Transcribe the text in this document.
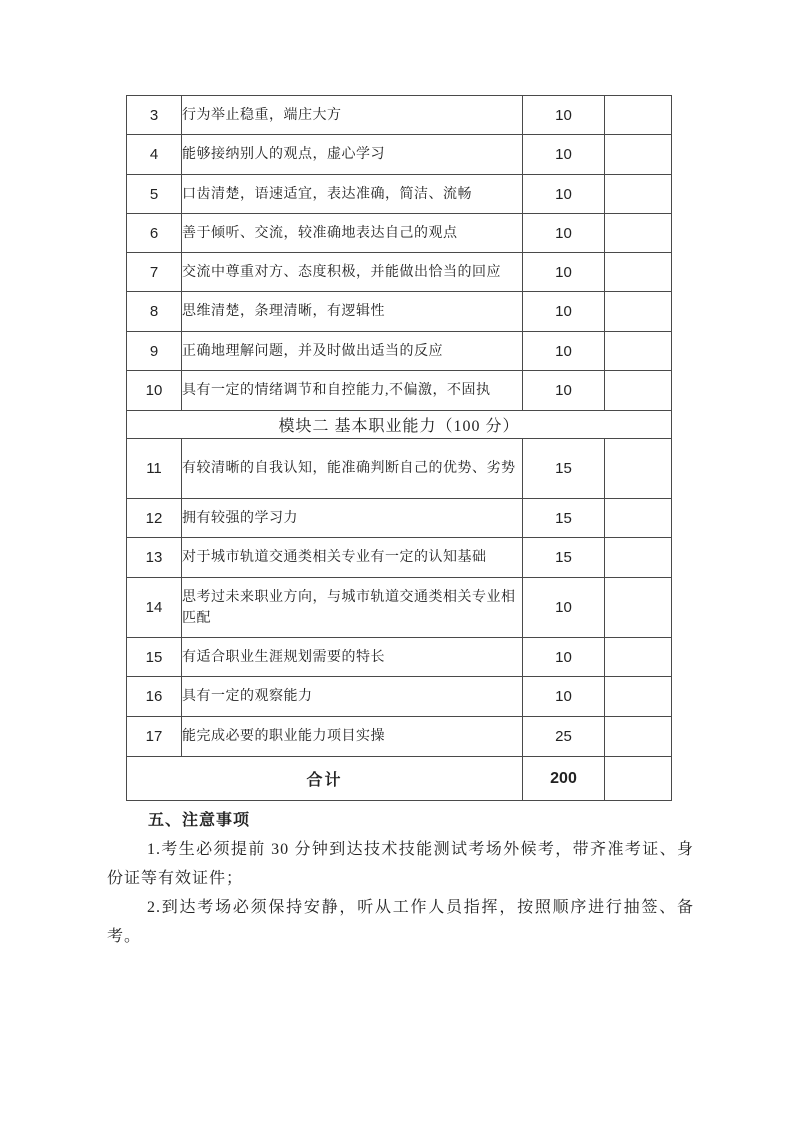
3	行为举止稳重，端庄大方	10	
4	能够接纳别人的观点，虚心学习	10	
5	口齿清楚，语速适宜，表达准确，简洁、流畅	10	
6	善于倾听、交流，较准确地表达自己的观点	10	
7	交流中尊重对方、态度积极，并能做出恰当的回应	10	
8	思维清楚，条理清晰，有逻辑性	10	
9	正确地理解问题，并及时做出适当的反应	10	
10	具有一定的情绪调节和自控能力,不偏激，不固执	10	
模块二 基本职业能力（100 分）			
11	有较清晰的自我认知，能准确判断自己的优势、劣势	15	
12	拥有较强的学习力	15	
13	对于城市轨道交通类相关专业有一定的认知基础	15	
14	思考过未来职业方向，与城市轨道交通类相关专业相匹配	10	
15	有适合职业生涯规划需要的特长	10	
16	具有一定的观察能力	10	
17	能完成必要的职业能力项目实操	25	
合计		200	
五、注意事项

1.考生必须提前 30 分钟到达技术技能测试考场外候考，带齐准考证、身份证等有效证件；

2.到达考场必须保持安静，听从工作人员指挥，按照顺序进行抽签、备考。
